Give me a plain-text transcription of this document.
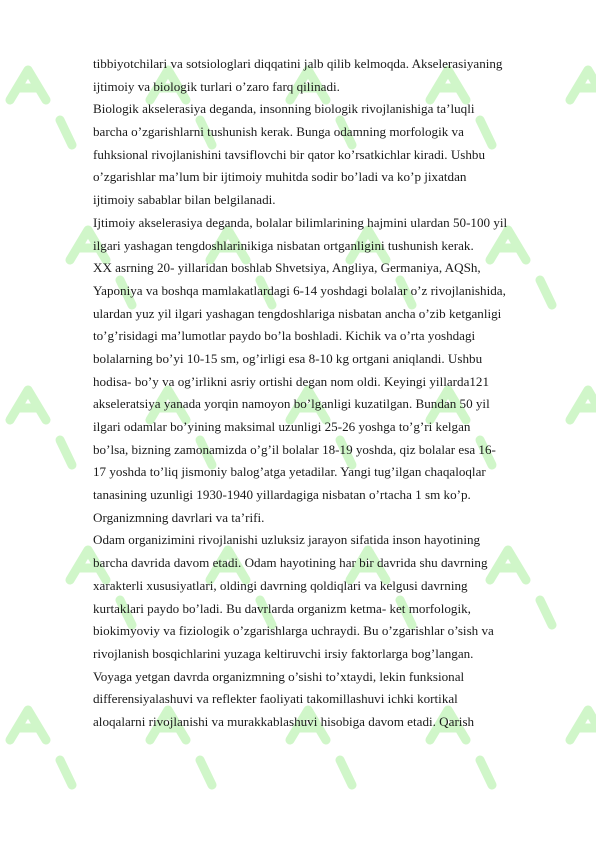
tibbiyotchilari va sotsiologlari diqqatini jalb qilib kelmoqda. Akselerasiyaning
ijtimoiy va biologik turlari o’zaro farq qilinadi.
Biologik akselerasiya deganda, insonning biologik rivojlanishiga ta’luqli
barcha o’zgarishlarni tushunish kerak. Bunga odamning morfologik va
fuhksional rivojlanishini tavsiflovchi bir qator ko’rsatkichlar kiradi. Ushbu
o’zgarishlar ma’lum bir ijtimoiy muhitda sodir bo’ladi va ko’p jixatdan
ijtimoiy sabablar bilan belgilanadi.
Ijtimoiy akselerasiya deganda, bolalar bilimlarining hajmini ulardan 50-100 yil
ilgari yashagan tengdoshlarinikiga nisbatan ortganligini tushunish kerak.
XX asrning 20- yillaridan boshlab Shvetsiya, Angliya, Germaniya, AQSh,
Yaponiya va boshqa mamlakatlardagi 6-14 yoshdagi bolalar o’z rivojlanishida,
ulardan yuz yil ilgari yashagan tengdoshlariga nisbatan ancha o’zib ketganligi
to’g’risidagi ma’lumotlar paydo bo’la boshladi. Kichik va o’rta yoshdagi
bolalarning bo’yi 10-15 sm, og’irligi esa 8-10 kg ortgani aniqlandi. Ushbu
hodisa- bo’y va og’irlikni asriy ortishi degan nom oldi. Keyingi yillarda121
akseleratsiya yanada yorqin namoyon bo’lganligi kuzatilgan. Bundan 50 yil
ilgari odamlar bo’yining maksimal uzunligi 25-26 yoshga to’g’ri kelgan
bo’lsa, bizning zamonamizda o’g’il bolalar 18-19 yoshda, qiz bolalar esa 16-
17 yoshda to’liq jismoniy balog’atga yetadilar. Yangi tug’ilgan chaqaloqlar
tanasining uzunligi 1930-1940 yillardagiga nisbatan o’rtacha 1 sm ko’p.
Organizmning davrlari va ta’rifi.
Odam organizimini rivojlanishi uzluksiz jarayon sifatida inson hayotining
barcha davrida davom etadi. Odam hayotining har bir davrida shu davrning
xarakterli xususiyatlari, oldingi davrning qoldiqlari va kelgusi davrning
kurtaklari paydo bo’ladi. Bu davrlarda organizm ketma- ket morfologik,
biokimyoviy va fiziologik o’zgarishlarga uchraydi. Bu o’zgarishlar o’sish va
rivojlanish bosqichlarini yuzaga keltiruvchi irsiy faktorlarga bog’langan.
Voyaga yetgan davrda organizmning o’sishi to’xtaydi, lekin funksional
differensiyalashuvi va reflekter faoliyati takomillashuvi ichki kortikal
aloqalarni rivojlanishi va murakkablashuvi hisobiga davom etadi. Qarish
